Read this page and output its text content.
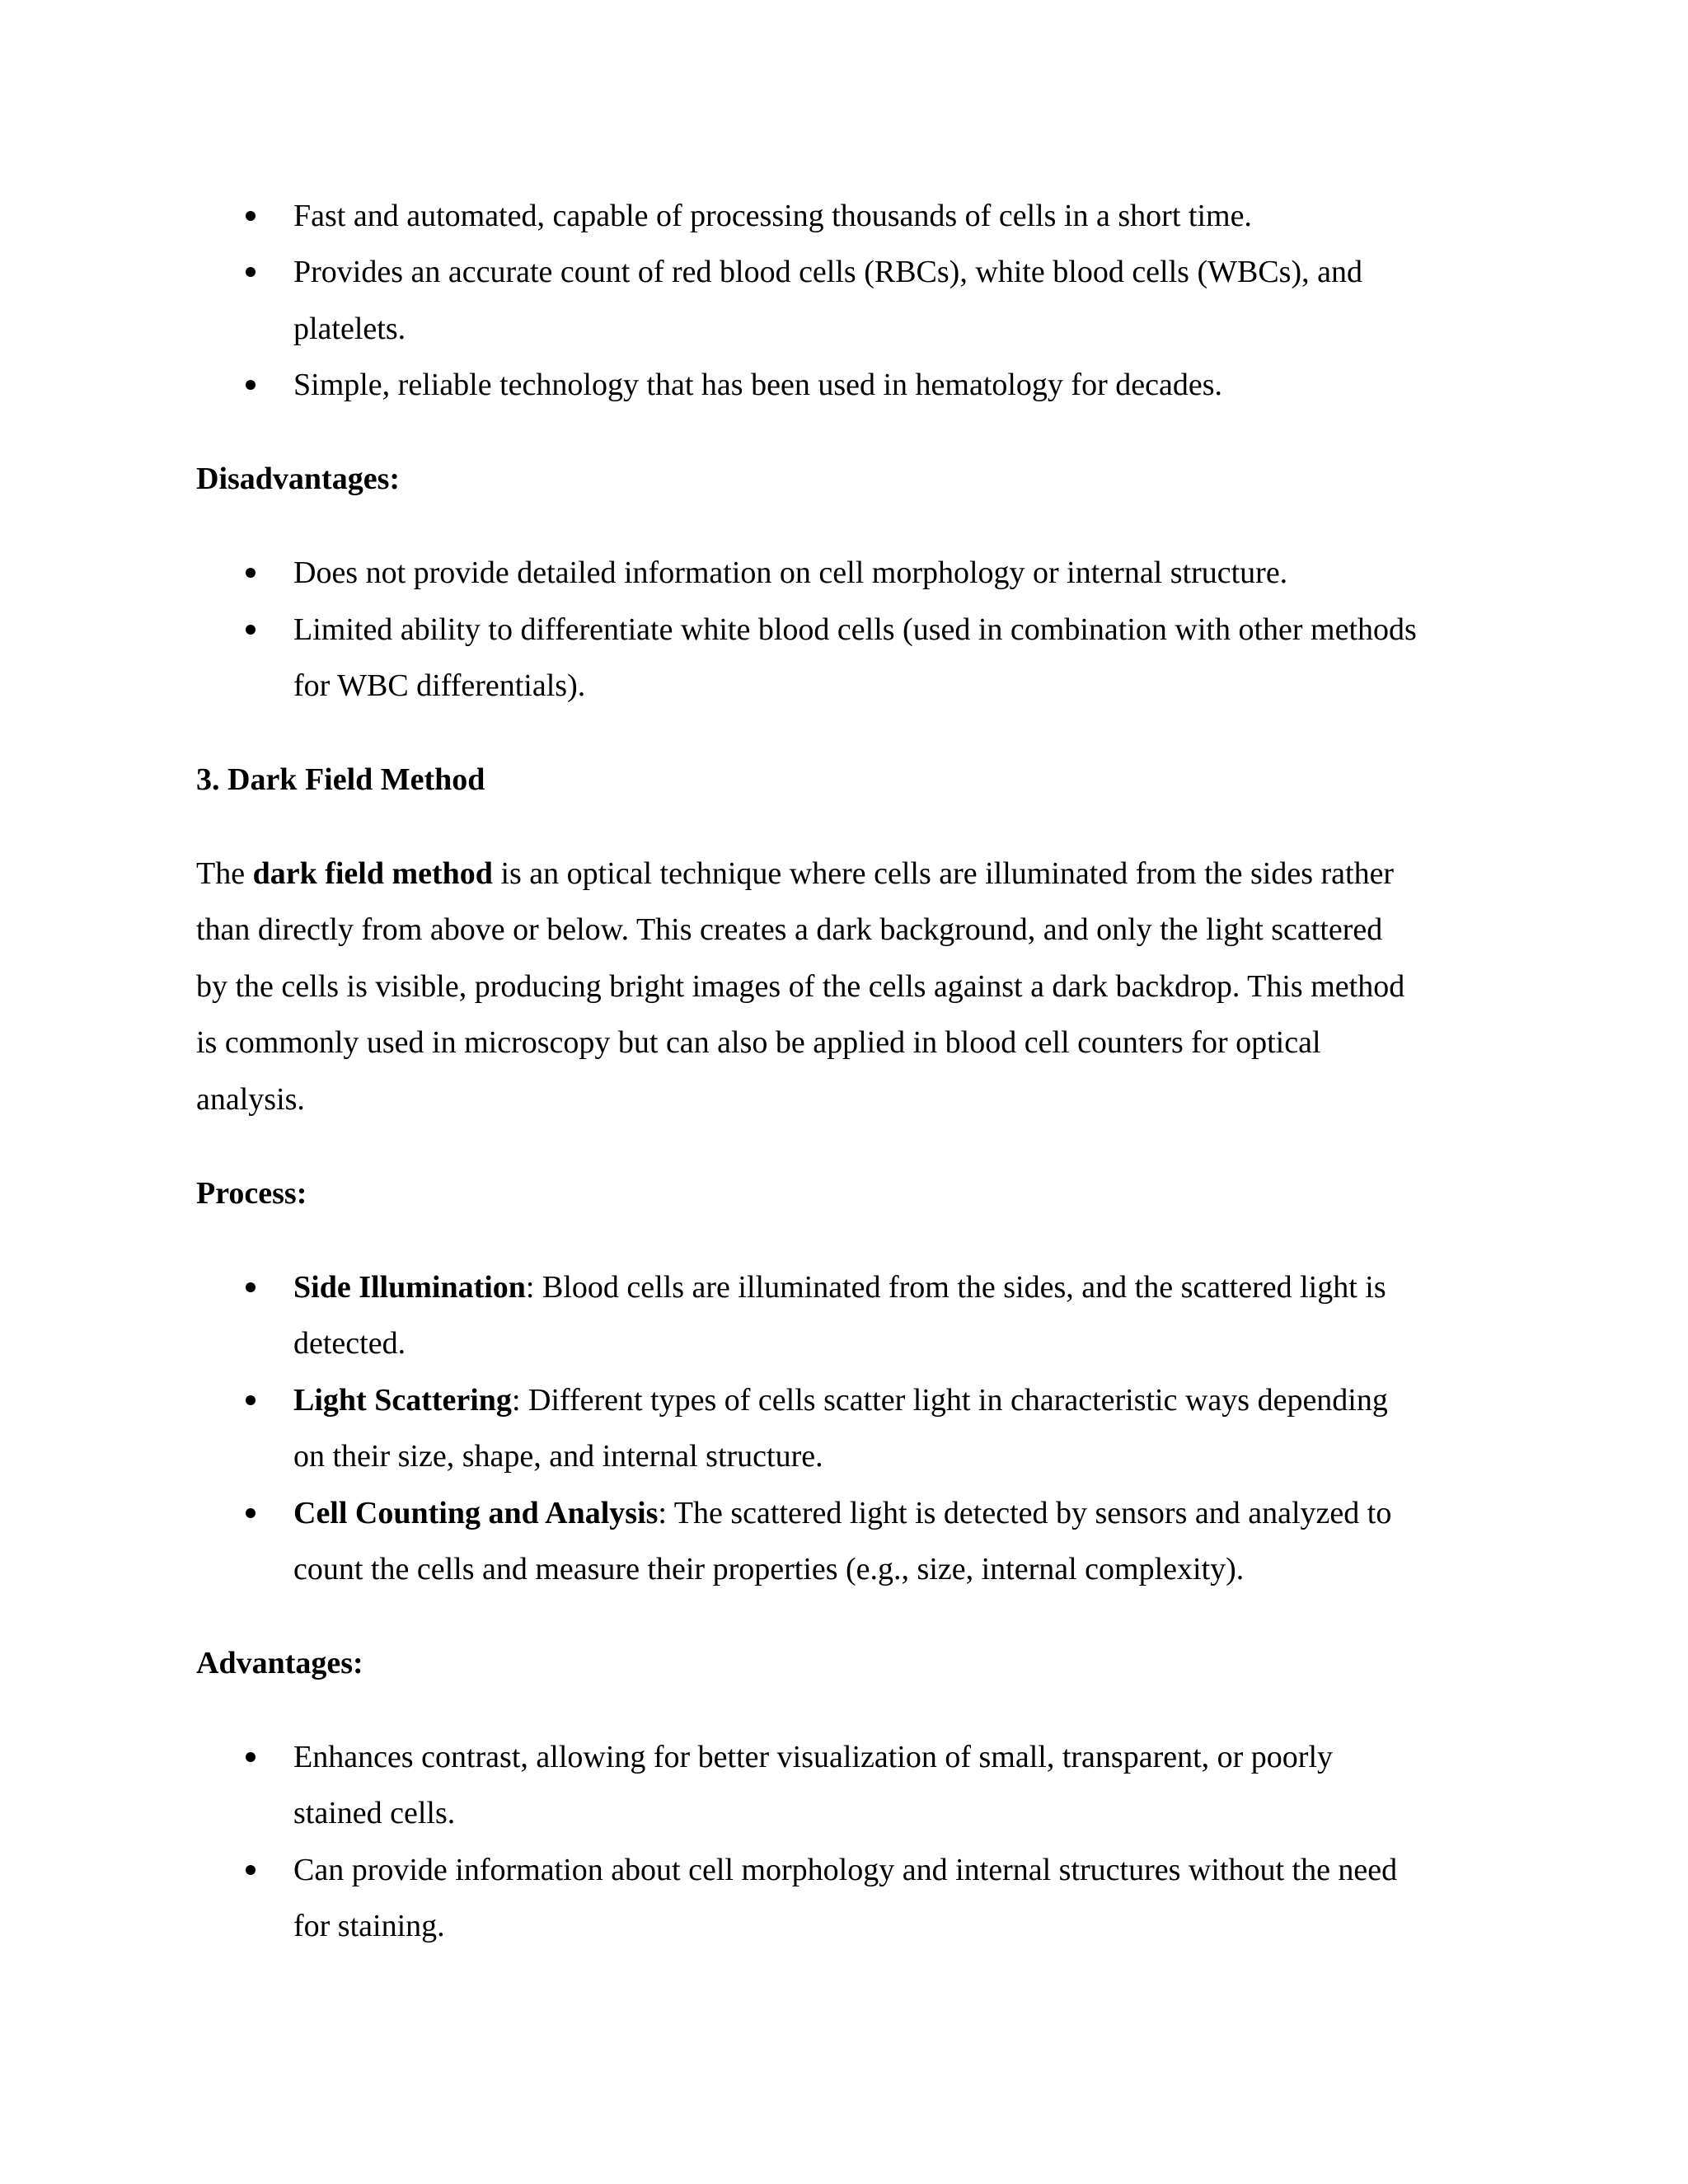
Fast and automated, capable of processing thousands of cells in a short time.
Provides an accurate count of red blood cells (RBCs), white blood cells (WBCs), and
platelets.
Simple, reliable technology that has been used in hematology for decades.
Disadvantages:
Does not provide detailed information on cell morphology or internal structure.
Limited ability to differentiate white blood cells (used in combination with other methods
for WBC differentials).
3. Dark Field Method
The dark field method is an optical technique where cells are illuminated from the sides rather
than directly from above or below. This creates a dark background, and only the light scattered
by the cells is visible, producing bright images of the cells against a dark backdrop. This method
is commonly used in microscopy but can also be applied in blood cell counters for optical
analysis.
Process:
Side Illumination: Blood cells are illuminated from the sides, and the scattered light is
detected.
Light Scattering: Different types of cells scatter light in characteristic ways depending
on their size, shape, and internal structure.
Cell Counting and Analysis: The scattered light is detected by sensors and analyzed to
count the cells and measure their properties (e.g., size, internal complexity).
Advantages:
Enhances contrast, allowing for better visualization of small, transparent, or poorly
stained cells.
Can provide information about cell morphology and internal structures without the need
for staining.
